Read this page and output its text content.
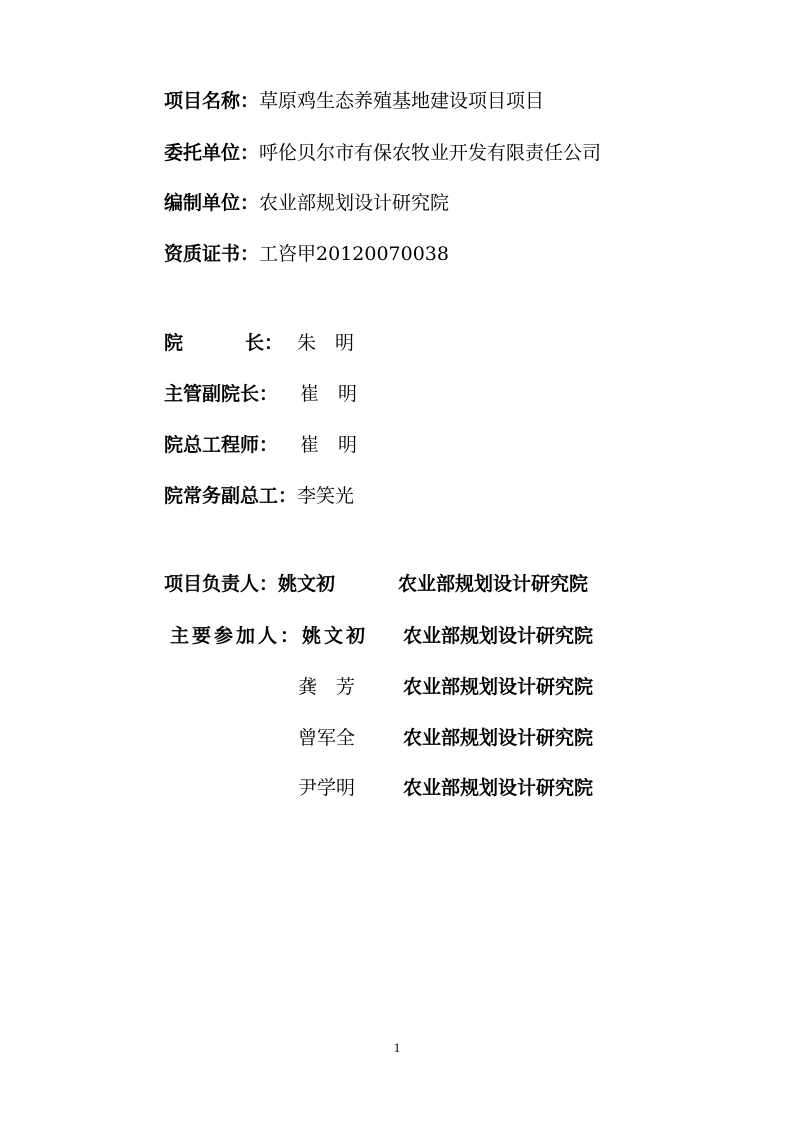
项目名称：草原鸡生态养殖基地建设项目项目
委托单位：呼伦贝尔市有保农牧业开发有限责任公司
编制单位：农业部规划设计研究院
资质证书：工咨甲20120070038
院	长： 朱　明
主管副院长： 崔　明
院总工程师： 崔　明
院常务副总工：李笑光
项目负责人：姚文初	农业部规划设计研究院
主要参加人：姚文初 农业部规划设计研究院
龚　芳	农业部规划设计研究院
曾军全	农业部规划设计研究院
尹学明	农业部规划设计研究院
1
